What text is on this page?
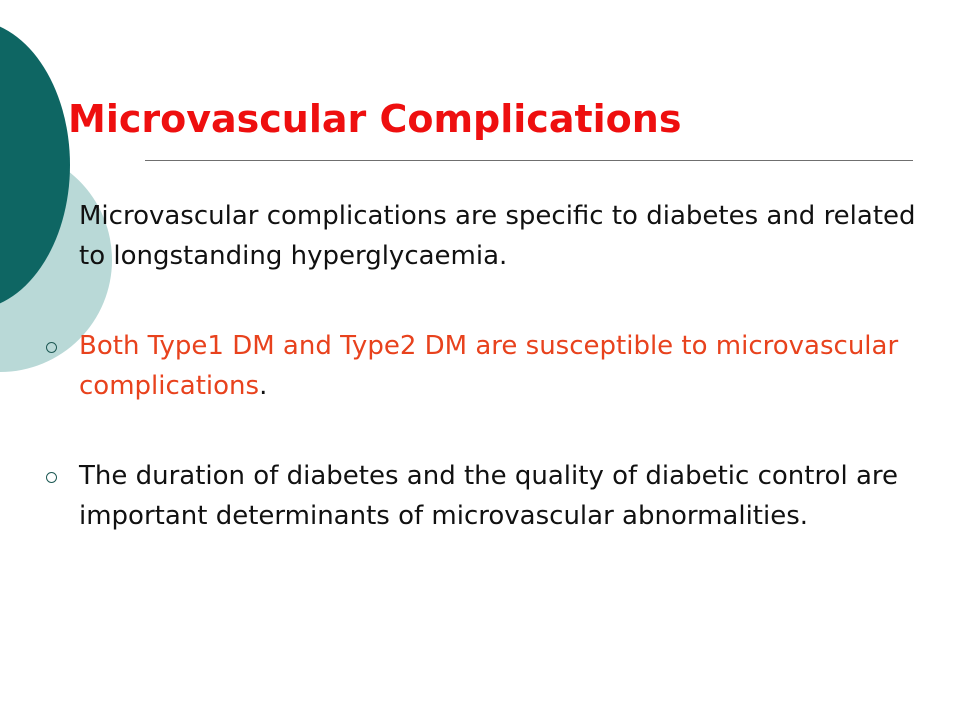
Microvascular Complications
Microvascular complications are specific to diabetes and related to longstanding hyperglycaemia.
Both Type1 DM and Type2 DM are susceptible to microvascular complications.
The duration of diabetes and the quality of diabetic control are important determinants of microvascular abnormalities.
